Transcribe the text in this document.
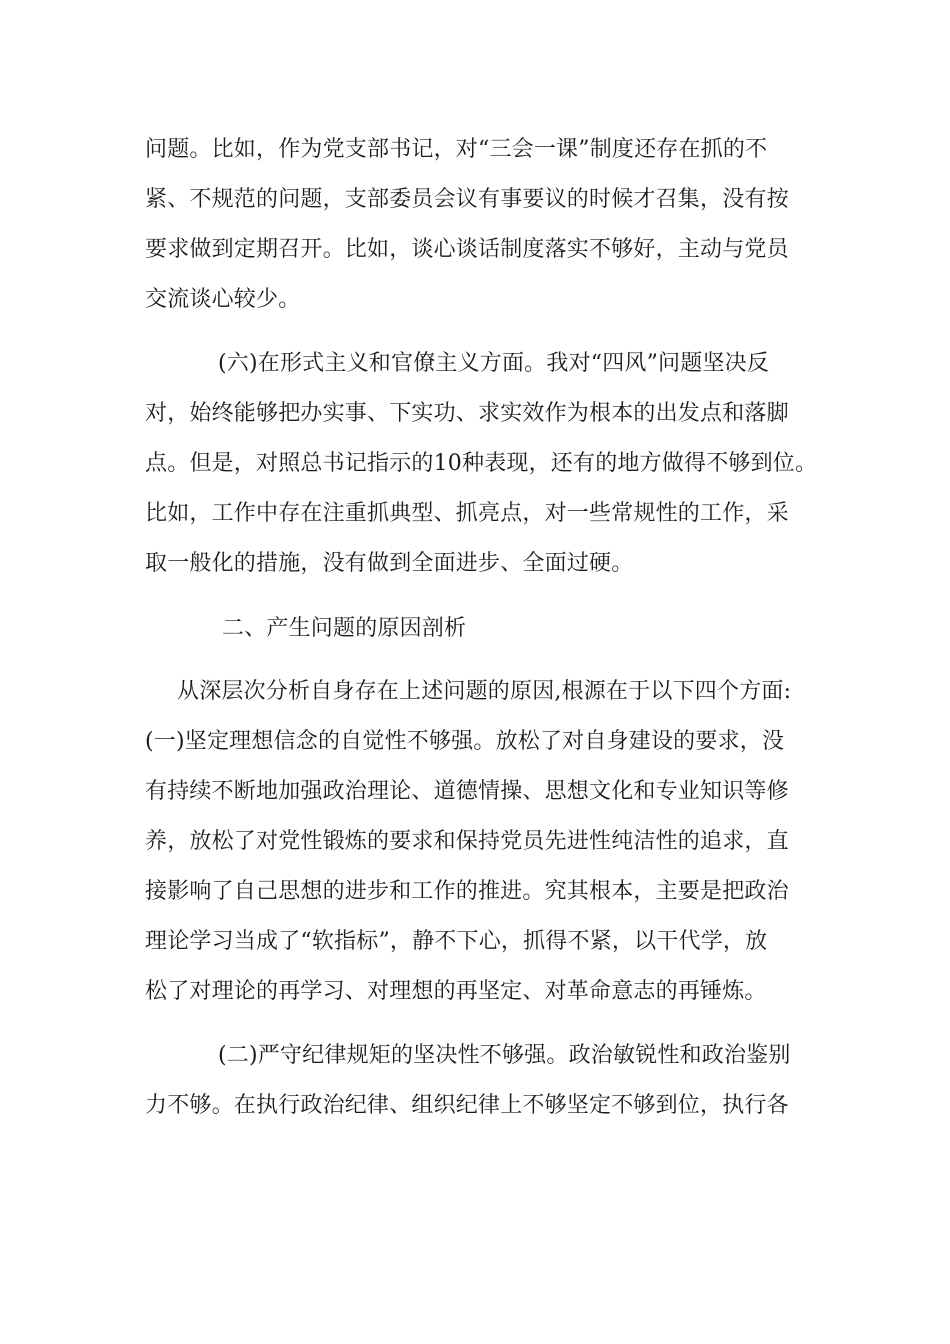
问题。比如，作为党支部书记，对“三会一课”制度还存在抓的不
紧、不规范的问题，支部委员会议有事要议的时候才召集，没有按
要求做到定期召开。比如，谈心谈话制度落实不够好，主动与党员
交流谈心较少。
(六)在形式主义和官僚主义方面。我对“四风”问题坚决反
对，始终能够把办实事、下实功、求实效作为根本的出发点和落脚
点。但是，对照总书记指示的10种表现，还有的地方做得不够到位。
比如，工作中存在注重抓典型、抓亮点，对一些常规性的工作，采
取一般化的措施，没有做到全面进步、全面过硬。
二、产生问题的原因剖析
从深层次分析自身存在上述问题的原因,根源在于以下四个方面:
(一)坚定理想信念的自觉性不够强。放松了对自身建设的要求，没
有持续不断地加强政治理论、道德情操、思想文化和专业知识等修
养，放松了对党性锻炼的要求和保持党员先进性纯洁性的追求，直
接影响了自己思想的进步和工作的推进。究其根本，主要是把政治
理论学习当成了“软指标”，静不下心，抓得不紧，以干代学，放
松了对理论的再学习、对理想的再坚定、对革命意志的再锤炼。
(二)严守纪律规矩的坚决性不够强。政治敏锐性和政治鉴别
力不够。在执行政治纪律、组织纪律上不够坚定不够到位，执行各
